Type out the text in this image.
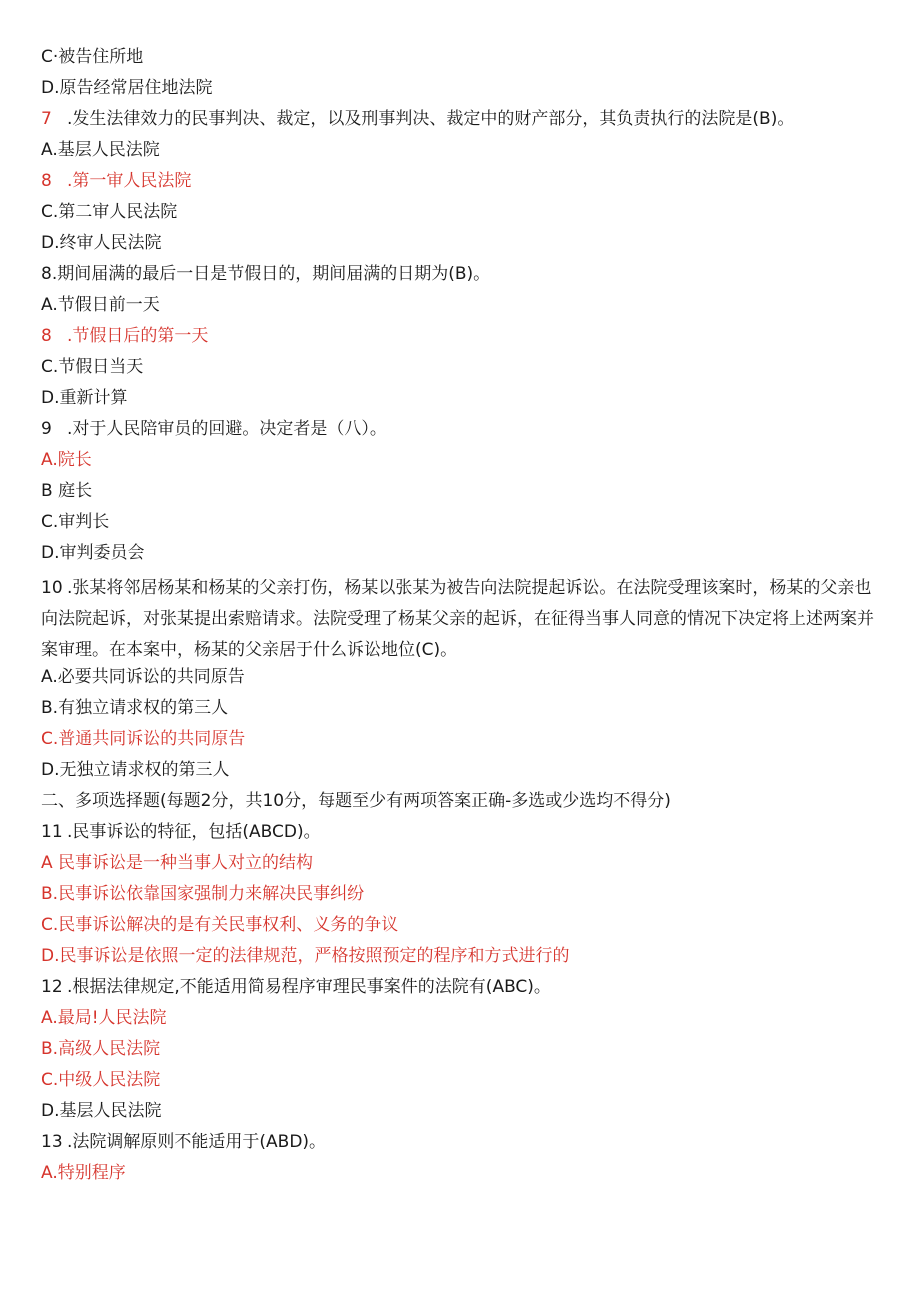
C·被告住所地
D.原告经常居住地法院
7 .发生法律效力的民事判决、裁定，以及刑事判决、裁定中的财产部分，其负责执行的法院是(B)。
A.基层人民法院
8 .第一审人民法院
C.第二审人民法院
D.终审人民法院
8.期间届满的最后一日是节假日的，期间届满的日期为(B)。
A.节假日前一天
8 .节假日后的第一天
C.节假日当天
D.重新计算
9 .对于人民陪审员的回避。决定者是（八）。
A.院长
B 庭长
C.审判长
D.审判委员会
10 .张某将邻居杨某和杨某的父亲打伤，杨某以张某为被告向法院提起诉讼。在法院受理该案时，杨某的父亲也向法院起诉，对张某提出索赔请求。法院受理了杨某父亲的起诉，在征得当事人同意的情况下决定将上述两案并案审理。在本案中，杨某的父亲居于什么诉讼地位(C)。
A.必要共同诉讼的共同原告
B.有独立请求权的第三人
C.普通共同诉讼的共同原告
D.无独立请求权的第三人
二、多项选择题(每题2分，共10分，每题至少有两项答案正确-多选或少选均不得分)
11 .民事诉讼的特征，包括(ABCD)。
A 民事诉讼是一种当事人对立的结构
B.民事诉讼依靠国家强制力来解决民事纠纷
C.民事诉讼解决的是有关民事权利、义务的争议
D.民事诉讼是依照一定的法律规范，严格按照预定的程序和方式进行的
12 .根据法律规定,不能适用简易程序审理民事案件的法院有(ABC)。
A.最局!人民法院
B.高级人民法院
C.中级人民法院
D.基层人民法院
13 .法院调解原则不能适用于(ABD)。
A.特别程序
